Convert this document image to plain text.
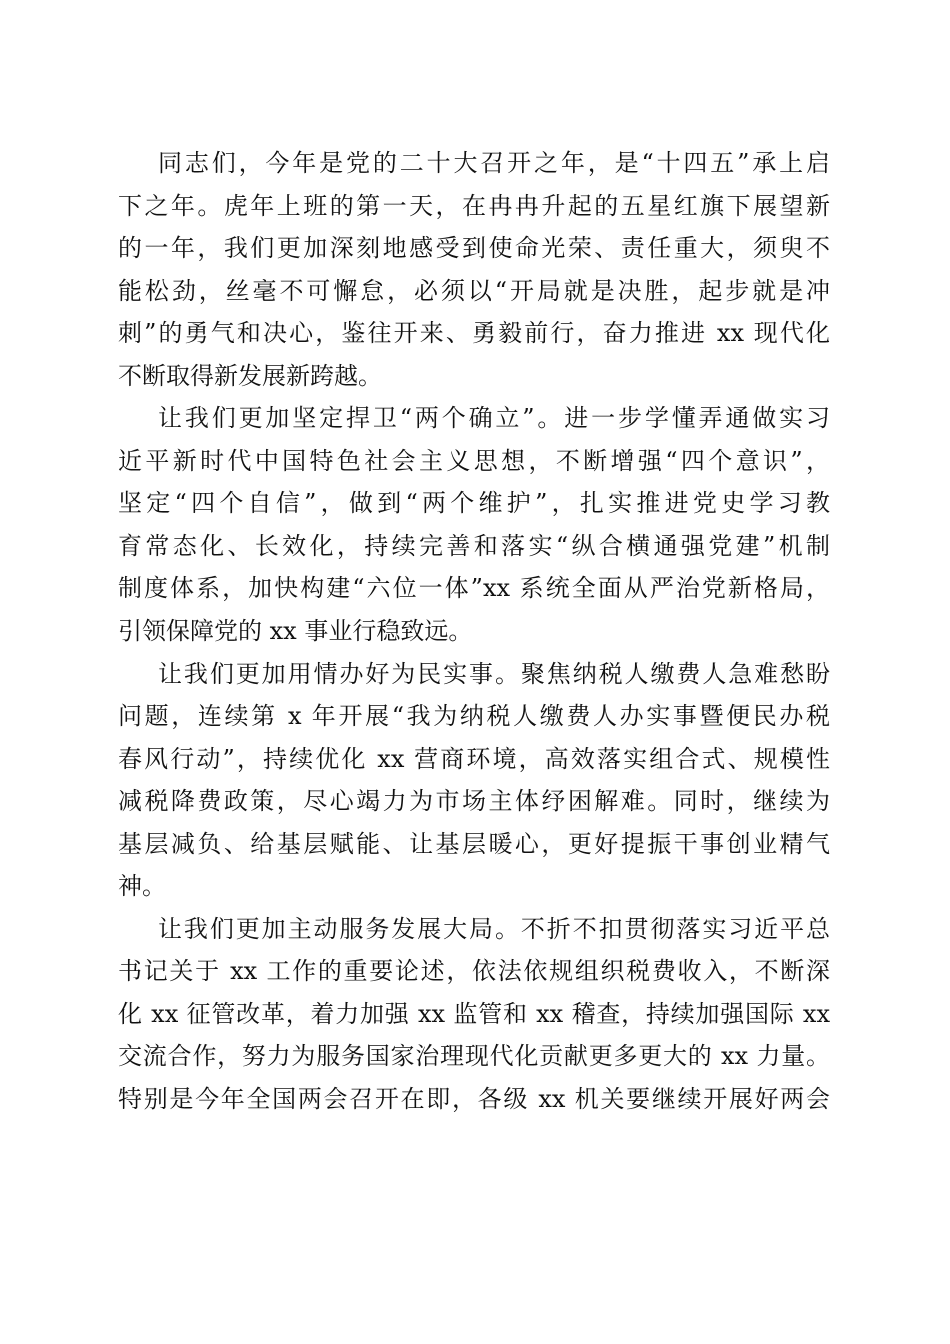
同志们，今年是党的二十大召开之年，是“十四五”承上启
下之年。虎年上班的第一天，在冉冉升起的五星红旗下展望新
的一年，我们更加深刻地感受到使命光荣、责任重大，须臾不
能松劲，丝毫不可懈怠，必须以“开局就是决胜，起步就是冲
刺”的勇气和决心，鉴往开来、勇毅前行，奋力推进 xx 现代化
不断取得新发展新跨越。
让我们更加坚定捍卫“两个确立”。进一步学懂弄通做实习
近平新时代中国特色社会主义思想，不断增强“四个意识”，
坚定“四个自信”，做到“两个维护”，扎实推进党史学习教
育常态化、长效化，持续完善和落实“纵合横通强党建”机制
制度体系，加快构建“六位一体”xx 系统全面从严治党新格局，
引领保障党的 xx 事业行稳致远。
让我们更加用情办好为民实事。聚焦纳税人缴费人急难愁盼
问题，连续第 x 年开展“我为纳税人缴费人办实事暨便民办税
春风行动”，持续优化 xx 营商环境，高效落实组合式、规模性
减税降费政策，尽心竭力为市场主体纾困解难。同时，继续为
基层减负、给基层赋能、让基层暖心，更好提振干事创业精气
神。
让我们更加主动服务发展大局。不折不扣贯彻落实习近平总
书记关于 xx 工作的重要论述，依法依规组织税费收入，不断深
化 xx 征管改革，着力加强 xx 监管和 xx 稽查，持续加强国际 xx
交流合作，努力为服务国家治理现代化贡献更多更大的 xx 力量。
特别是今年全国两会召开在即，各级 xx 机关要继续开展好两会
